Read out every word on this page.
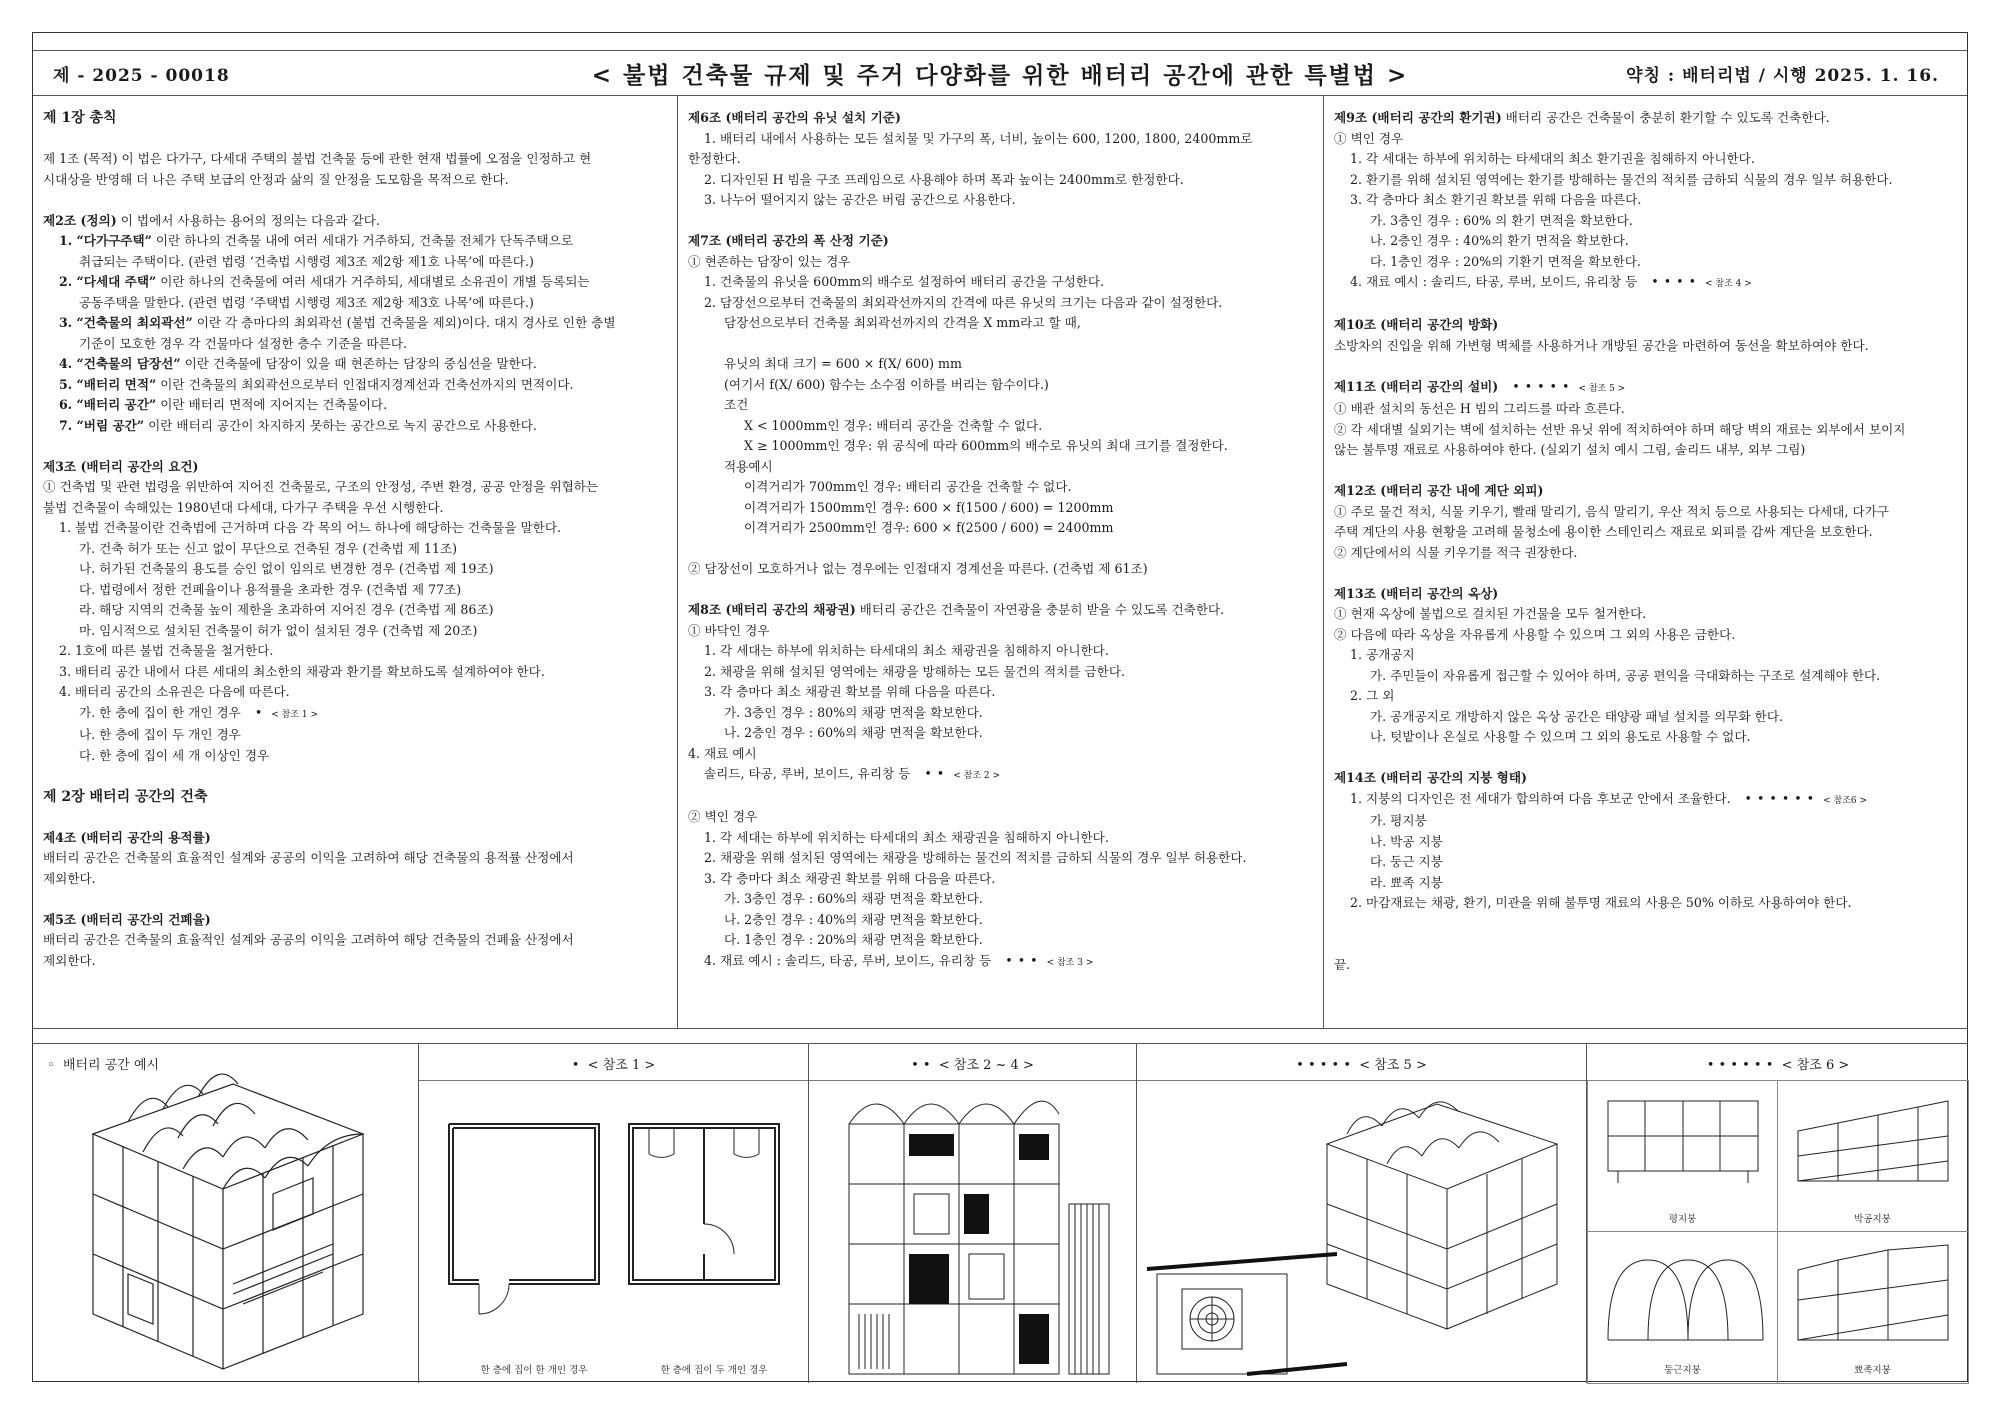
제 - 2025 - 00018	< 불법 건축물 규제 및 주거 다양화를 위한 배터리 공간에 관한 특별법 >	약칭 : 배터리법 / 시행 2025. 1. 16.
제 1장 총칙
제 1조 (목적) 이 법은 다가구, 다세대 주택의 불법 건축물 등에 관한 현재 법률에 오점을 인정하고 현
시대상을 반영해 더 나은 주택 보급의 안정과 삶의 질 안정을 도모함을 목적으로 한다.
제2조 (정의) 이 법에서 사용하는 용어의 정의는 다음과 같다.
1. “다가구주택” 이란 하나의 건축물 내에 여러 세대가 거주하되, 건축물 전체가 단독주택으로
취급되는 주택이다. (관련 법령 ‘건축법 시행령 제3조 제2항 제1호 나목’에 따른다.)
2. “다세대 주택” 이란 하나의 건축물에 여러 세대가 거주하되, 세대별로 소유권이 개별 등록되는
공동주택을 말한다. (관련 법령 ‘주택법 시행령 제3조 제2항 제3호 나목’에 따른다.)
3. “건축물의 최외곽선” 이란 각 층마다의 최외곽선 (불법 건축물을 제외)이다. 대지 경사로 인한 층별
기준이 모호한 경우 각 건물마다 설정한 층수 기준을 따른다.
4. “건축물의 담장선” 이란 건축물에 담장이 있을 때 현존하는 담장의 중심선을 말한다.
5. “배터리 면적” 이란 건축물의 최외곽선으로부터 인접대지경계선과 건축선까지의 면적이다.
6. “배터리 공간” 이란 배터리 면적에 지어지는 건축물이다.
7. “버림 공간” 이란 배터리 공간이 차지하지 못하는 공간으로 녹지 공간으로 사용한다.
제3조 (배터리 공간의 요건)
① 건축법 및 관련 법령을 위반하여 지어진 건축물로, 구조의 안정성, 주변 환경, 공공 안정을 위협하는
불법 건축물이 속해있는 1980년대 다세대, 다가구 주택을 우선 시행한다.
1. 불법 건축물이란 건축법에 근거하며 다음 각 목의 어느 하나에 해당하는 건축물을 말한다.
가. 건축 허가 또는 신고 없이 무단으로 건축된 경우 (건축법 제 11조)
나. 허가된 건축물의 용도를 승인 없이 임의로 변경한 경우 (건축법 제 19조)
다. 법령에서 정한 건폐율이나 용적률을 초과한 경우 (건축법 제 77조)
라. 해당 지역의 건축물 높이 제한을 초과하여 지어진 경우 (건축법 제 86조)
마. 임시적으로 설치된 건축물이 허가 없이 설치된 경우 (건축법 제 20조)
2. 1호에 따른 불법 건축물을 철거한다.
3. 배터리 공간 내에서 다른 세대의 최소한의 채광과 환기를 확보하도록 설계하여야 한다.
4. 배터리 공간의 소유권은 다음에 따른다.
가. 한 층에 집이 한 개인 경우 • < 참조 1 >
나. 한 층에 집이 두 개인 경우
다. 한 층에 집이 세 개 이상인 경우
제 2장 배터리 공간의 건축
제4조 (배터리 공간의 용적률)
배터리 공간은 건축물의 효율적인 설계와 공공의 이익을 고려하여 해당 건축물의 용적률 산정에서
제외한다.
제5조 (배터리 공간의 건폐율)
배터리 공간은 건축물의 효율적인 설계와 공공의 이익을 고려하여 해당 건축물의 건폐율 산정에서
제외한다.
제6조 (배터리 공간의 유닛 설치 기준)
1. 배터리 내에서 사용하는 모든 설치물 및 가구의 폭, 너비, 높이는 600, 1200, 1800, 2400mm로
한정한다.
2. 디자인된 H 빔을 구조 프레임으로 사용해야 하며 폭과 높이는 2400mm로 한정한다.
3. 나누어 떨어지지 않는 공간은 버림 공간으로 사용한다.
제7조 (배터리 공간의 폭 산정 기준)
① 현존하는 담장이 있는 경우
1. 건축물의 유닛을 600mm의 배수로 설정하여 배터리 공간을 구성한다.
2. 담장선으로부터 건축물의 최외곽선까지의 간격에 따른 유닛의 크기는 다음과 같이 설정한다.
담장선으로부터 건축물 최외곽선까지의 간격을 X mm라고 할 때,
유닛의 최대 크기 = 600 × f(X/ 600) mm
(여기서 f(X/ 600) 함수는 소수점 이하를 버리는 함수이다.)
조건
X < 1000mm인 경우: 배터리 공간을 건축할 수 없다.
X ≥ 1000mm인 경우: 위 공식에 따라 600mm의 배수로 유닛의 최대 크기를 결정한다.
적용예시
이격거리가 700mm인 경우: 배터리 공간을 건축할 수 없다.
이격거리가 1500mm인 경우: 600 × f(1500 / 600) = 1200mm
이격거리가 2500mm인 경우: 600 × f(2500 / 600) = 2400mm
② 담장선이 모호하거나 없는 경우에는 인접대지 경계선을 따른다. (건축법 제 61조)
제8조 (배터리 공간의 채광권) 배터리 공간은 건축물이 자연광을 충분히 받을 수 있도록 건축한다.
① 바닥인 경우
1. 각 세대는 하부에 위치하는 타세대의 최소 채광권을 침해하지 아니한다.
2. 채광을 위해 설치된 영역에는 채광을 방해하는 모든 물건의 적치를 금한다.
3. 각 층마다 최소 채광권 확보를 위해 다음을 따른다.
가. 3층인 경우 : 80%의 채광 면적을 확보한다.
나. 2층인 경우 : 60%의 채광 면적을 확보한다.
4. 재료 예시
솔리드, 타공, 루버, 보이드, 유리창 등 •• < 참조 2 >
② 벽인 경우
1. 각 세대는 하부에 위치하는 타세대의 최소 채광권을 침해하지 아니한다.
2. 채광을 위해 설치된 영역에는 채광을 방해하는 물건의 적치를 금하되 식물의 경우 일부 허용한다.
3. 각 층마다 최소 채광권 확보를 위해 다음을 따른다.
가. 3층인 경우 : 60%의 채광 면적을 확보한다.
나. 2층인 경우 : 40%의 채광 면적을 확보한다.
다. 1층인 경우 : 20%의 채광 면적을 확보한다.
4. 재료 예시 : 솔리드, 타공, 루버, 보이드, 유리창 등 ••• < 참조 3 >
제9조 (배터리 공간의 환기권) 배터리 공간은 건축물이 충분히 환기할 수 있도록 건축한다.
① 벽인 경우
1. 각 세대는 하부에 위치하는 타세대의 최소 환기권을 침해하지 아니한다.
2. 환기를 위해 설치된 영역에는 환기를 방해하는 물건의 적치를 금하되 식물의 경우 일부 허용한다.
3. 각 층마다 최소 환기권 확보를 위해 다음을 따른다.
가. 3층인 경우 : 60% 의 환기 면적을 확보한다.
나. 2층인 경우 : 40%의 환기 면적을 확보한다.
다. 1층인 경우 : 20%의 기환기 면적을 확보한다.
4. 재료 예시 : 솔리드, 타공, 루버, 보이드, 유리창 등 •••• < 참조 4 >
제10조 (배터리 공간의 방화)
소방차의 진입을 위해 가변형 벽체를 사용하거나 개방된 공간을 마련하여 동선을 확보하여야 한다.
제11조 (배터리 공간의 설비) ••••• < 참조 5 >
① 배관 설치의 동선은 H 빔의 그리드를 따라 흐른다.
② 각 세대별 실외기는 벽에 설치하는 선반 유닛 위에 적치하여야 하며 해당 벽의 재료는 외부에서 보이지
않는 불투명 재료로 사용하여야 한다. (실외기 설치 예시 그림, 솔리드 내부, 외부 그림)
제12조 (배터리 공간 내에 계단 외피)
① 주로 물건 적치, 식물 키우기, 빨래 말리기, 음식 말리기, 우산 적치 등으로 사용되는 다세대, 다가구
주택 계단의 사용 현황을 고려해 물청소에 용이한 스테인리스 재료로 외피를 감싸 계단을 보호한다.
② 계단에서의 식물 키우기를 적극 권장한다.
제13조 (배터리 공간의 옥상)
① 현재 옥상에 불법으로 걸치된 가건물을 모두 철거한다.
② 다음에 따라 옥상을 자유롭게 사용할 수 있으며 그 외의 사용은 금한다.
1. 공개공지
가. 주민들이 자유롭게 접근할 수 있어야 하며, 공공 편익을 극대화하는 구조로 설계해야 한다.
2. 그 외
가. 공개공지로 개방하지 않은 옥상 공간은 태양광 패널 설치를 의무화 한다.
나. 텃밭이나 온실로 사용할 수 있으며 그 외의 용도로 사용할 수 없다.
제14조 (배터리 공간의 지붕 형태)
1. 지붕의 디자인은 전 세대가 합의하여 다음 후보군 안에서 조율한다. •••••• < 참조6 >
가. 평지붕
나. 박공 지붕
다. 둥근 지붕
라. 뾰족 지붕
2. 마감재료는 채광, 환기, 미관을 위해 불투명 재료의 사용은 50% 이하로 사용하여야 한다.
끝.
◦  배터리 공간 예시	•  < 참조 1 >
한 층에 집이 한 개인 경우	한 층에 집이 두 개인 경우
• •  < 참조 2 ~ 4 >	• • • • •  < 참조 5 >	• • • • • •  < 참조 6 >
평지붕	박공지붕
둥근지붕	뾰족지붕
